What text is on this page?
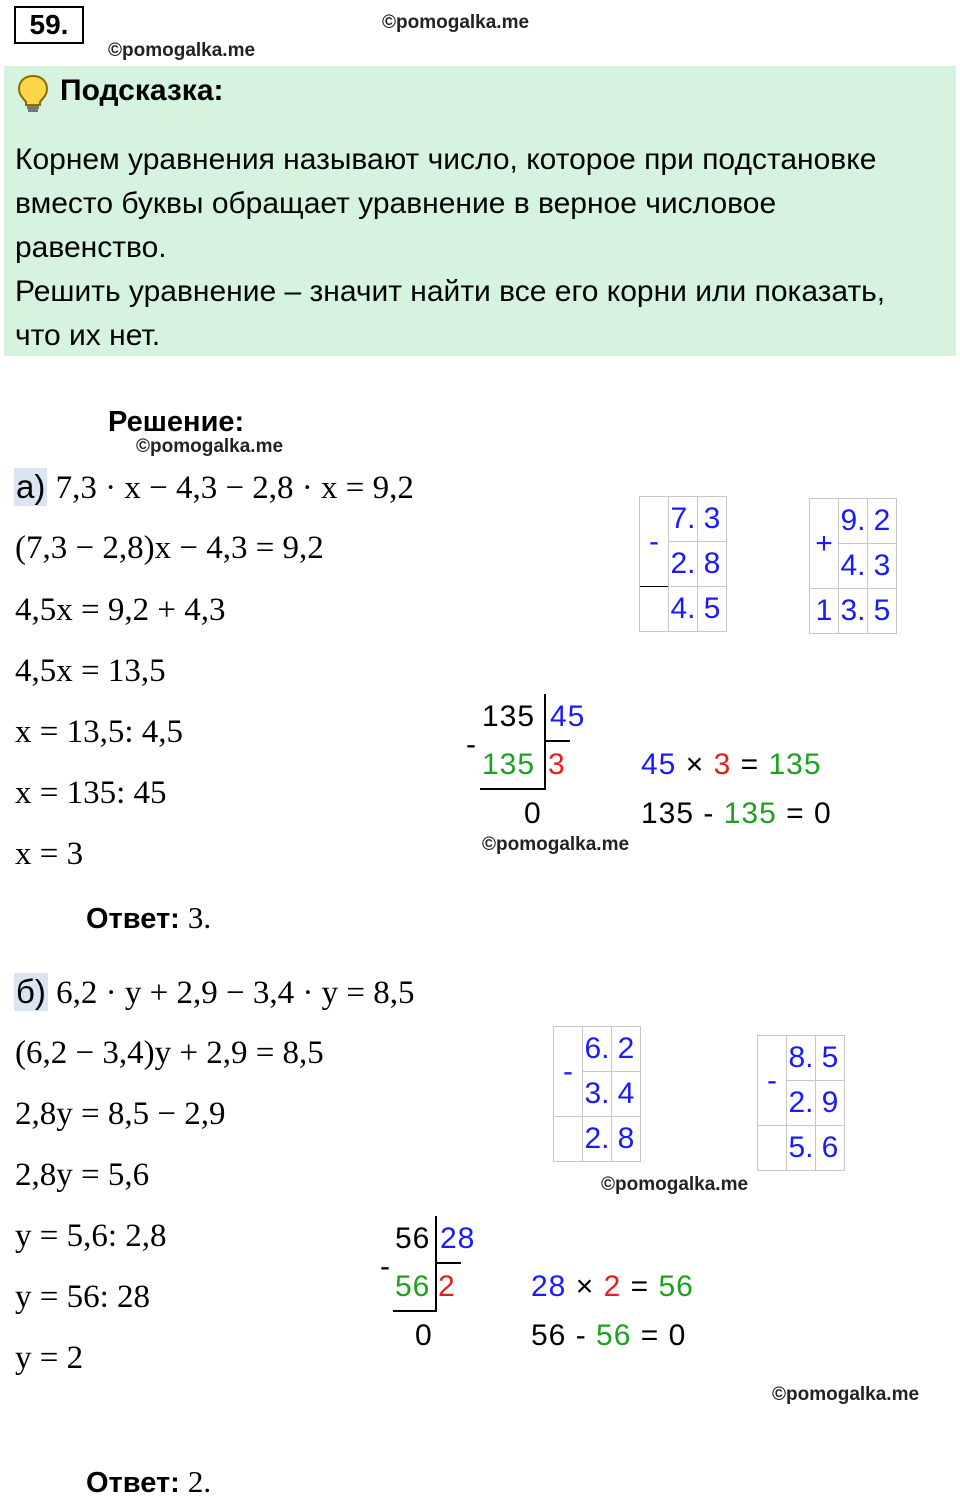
59.	©pomogalka.me
©pomogalka.me
Подсказка:
Корнем уравнения называют число, которое при подстановке вместо буквы обращает уравнение в верное числовое равенство.
Решить уравнение – значит найти все его корни или показать, что их нет.
Решение:
©pomogalka.me
а) 7,3 · x − 4,3 − 2,8 · x = 9,2
(7,3 − 2,8)x − 4,3 = 9,2
4,5x = 9,2 + 4,3
4,5x = 13,5
x = 13,5: 4,5
x = 135: 45
x = 3
Ответ: 3.
-	7.	3
	2.	8
	4.	5
+	9.	2
	4.	3
1	3.	5
135 45
-
135 3
0
45 × 3 = 135
135 - 135 = 0
©pomogalka.me
б) 6,2 · y + 2,9 − 3,4 · y = 8,5
(6,2 − 3,4)y + 2,9 = 8,5
2,8y = 8,5 − 2,9
2,8y = 5,6
y = 5,6: 2,8
y = 56: 28
y = 2
-	6.	2
	3.	4
	2.	8
-	8.	5
	2.	9
	5.	6
©pomogalka.me
56 28
-
56 2
0
28 × 2 = 56
56 - 56 = 0
©pomogalka.me
Ответ: 2.
